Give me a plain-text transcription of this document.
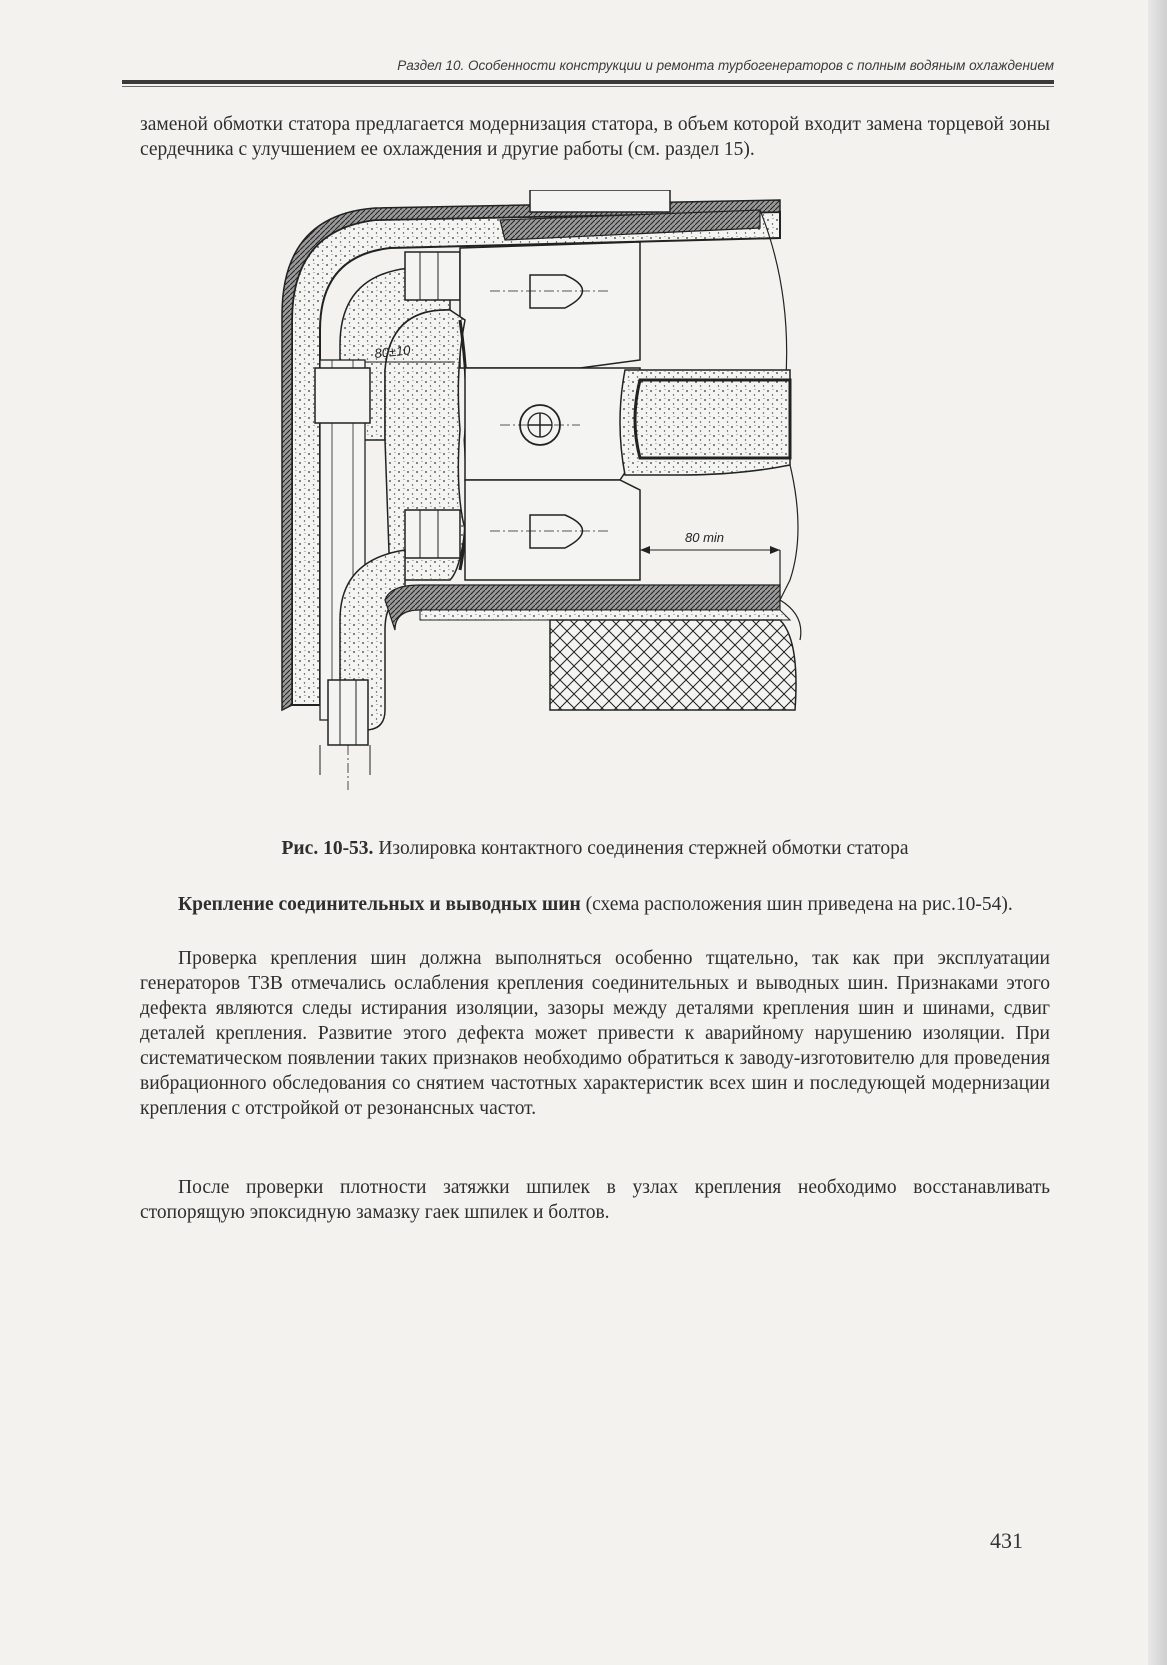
Раздел 10. Особенности конструкции и ремонта турбогенераторов с полным водяным охлаждением

заменой обмотки статора предлагается модернизация статора, в объем которой входит замена торцевой зоны сердечника с улучшением ее охлаждения и другие работы (см. раздел 15).

80±10
80 min

Рис. 10-53. Изолировка контактного соединения стержней обмотки статора

Крепление соединительных и выводных шин (схема расположения шин приведена на рис.10-54).

Проверка крепления шин должна выполняться особенно тщательно, так как при эксплуатации генераторов ТЗВ отмечались ослабления крепления соединительных и выводных шин. Признаками этого дефекта являются следы истирания изоляции, зазоры между деталями крепления шин и шинами, сдвиг деталей крепления. Развитие этого дефекта может привести к аварийному нарушению изоляции. При систематическом появлении таких признаков необходимо обратиться к заводу-изготовителю для проведения вибрационного обследования со снятием частотных характеристик всех шин и последующей модернизации крепления с отстройкой от резонансных частот.

После проверки плотности затяжки шпилек в узлах крепления необходимо восстанавливать стопорящую эпоксидную замазку гаек шпилек и болтов.

431
